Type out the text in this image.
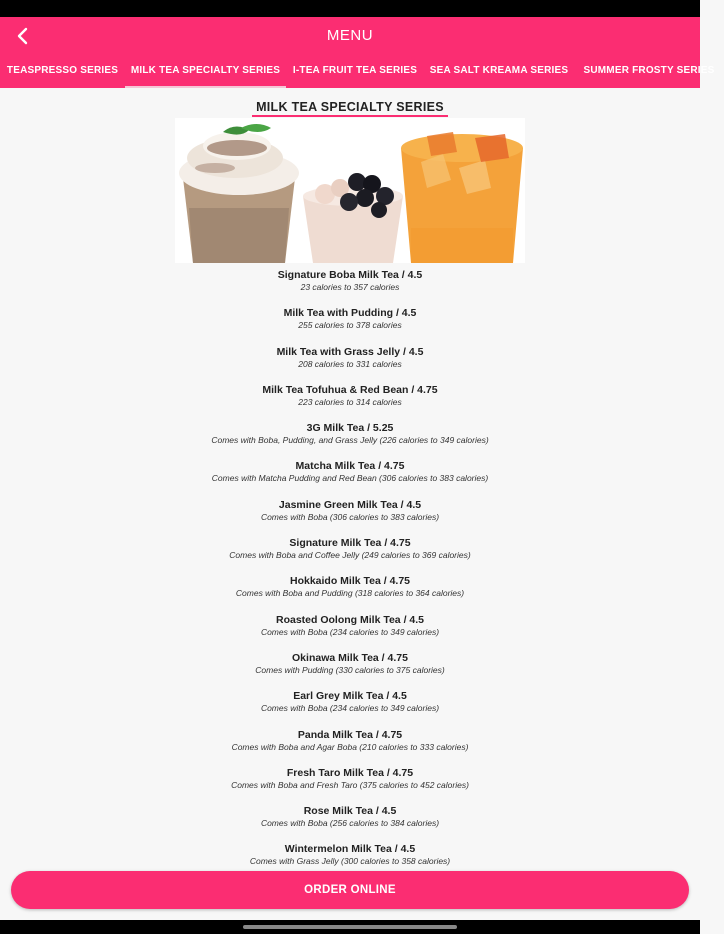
MENU
TEASPRESSO SERIES	MILK TEA SPECIALTY SERIES	I-TEA FRUIT TEA SERIES	SEA SALT KREAMA SERIES	SUMMER FROSTY SERIES
MILK TEA SPECIALTY SERIES
Signature Boba Milk Tea / 4.5
23 calories to 357 calories
Milk Tea with Pudding / 4.5
255 calories to 378 calories
Milk Tea with Grass Jelly / 4.5
208 calories to 331 calories
Milk Tea Tofuhua & Red Bean / 4.75
223 calories to 314 calories
3G Milk Tea / 5.25
Comes with Boba, Pudding, and Grass Jelly (226 calories to 349 calories)
Matcha Milk Tea / 4.75
Comes with Matcha Pudding and Red Bean (306 calories to 383 calories)
Jasmine Green Milk Tea / 4.5
Comes with Boba (306 calories to 383 calories)
Signature Milk Tea / 4.75
Comes with Boba and Coffee Jelly (249 calories to 369 calories)
Hokkaido Milk Tea / 4.75
Comes with Boba and Pudding (318 calories to 364 calories)
Roasted Oolong Milk Tea / 4.5
Comes with Boba (234 calories to 349 calories)
Okinawa Milk Tea / 4.75
Comes with Pudding (330 calories to 375 calories)
Earl Grey Milk Tea / 4.5
Comes with Boba (234 calories to 349 calories)
Panda Milk Tea / 4.75
Comes with Boba and Agar Boba (210 calories to 333 calories)
Fresh Taro Milk Tea / 4.75
Comes with Boba and Fresh Taro (375 calories to 452 calories)
Rose Milk Tea / 4.5
Comes with Boba (256 calories to 384 calories)
Wintermelon Milk Tea / 4.5
Comes with Grass Jelly (300 calories to 358 calories)
ORDER ONLINE
